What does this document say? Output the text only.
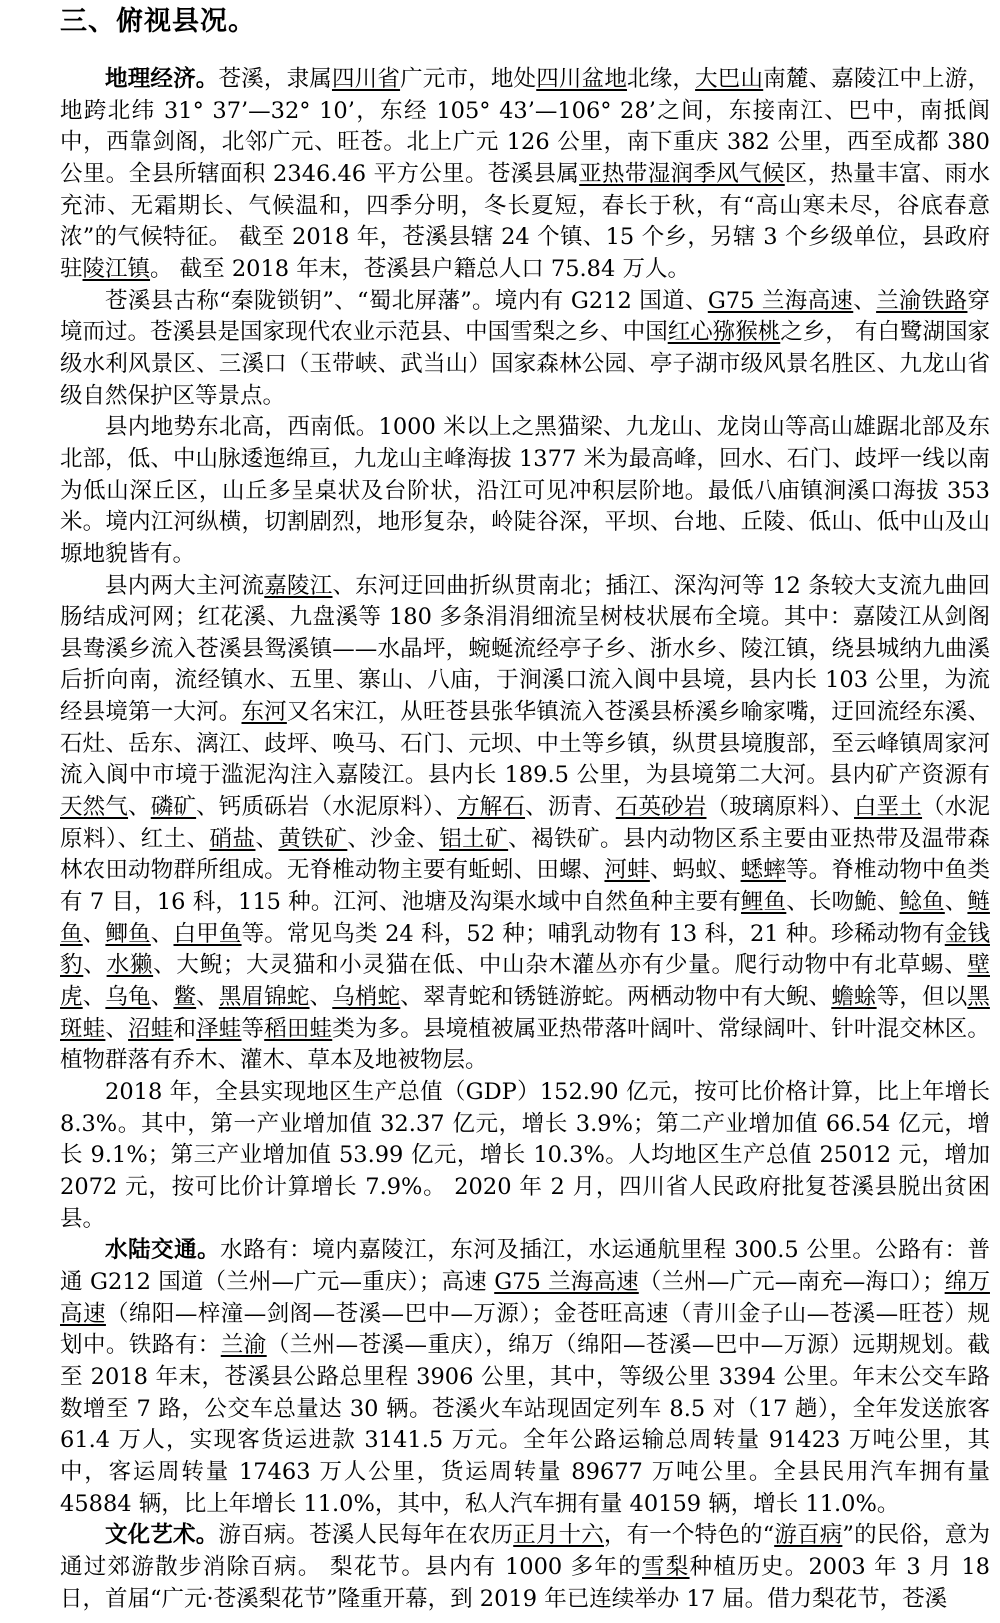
三、俯视县况。

地理经济。苍溪，隶属四川省广元市，地处四川盆地北缘，大巴山南麓、嘉陵江中上游，地跨北纬 31° 37’—32° 10’，东经 105° 43’—106° 28’之间，东接南江、巴中，南抵阆中，西靠剑阁，北邻广元、旺苍。北上广元 126 公里，南下重庆 382 公里，西至成都 380 公里。全县所辖面积 2346.46 平方公里。苍溪县属亚热带湿润季风气候区，热量丰富、雨水充沛、无霜期长、气候温和，四季分明，冬长夏短，春长于秋，有“高山寒未尽，谷底春意浓”的气候特征。 截至 2018 年，苍溪县辖 24 个镇、15 个乡，另辖 3 个乡级单位，县政府驻陵江镇。 截至 2018 年末，苍溪县户籍总人口 75.84 万人。

苍溪县古称“秦陇锁钥”、“蜀北屏藩”。境内有 G212 国道、G75 兰海高速、兰渝铁路穿境而过。苍溪县是国家现代农业示范县、中国雪梨之乡、中国红心猕猴桃之乡， 有白鹭湖国家级水利风景区、三溪口（玉带峡、武当山）国家森林公园、亭子湖市级风景名胜区、九龙山省级自然保护区等景点。

县内地势东北高，西南低。1000 米以上之黑猫梁、九龙山、龙岗山等高山雄踞北部及东北部，低、中山脉逶迤绵亘，九龙山主峰海拔 1377 米为最高峰，回水、石门、歧坪一线以南为低山深丘区，山丘多呈桌状及台阶状，沿江可见冲积层阶地。最低八庙镇涧溪口海拔 353 米。境内江河纵横，切割剧烈，地形复杂，岭陡谷深，平坝、台地、丘陵、低山、低中山及山塬地貌皆有。

县内两大主河流嘉陵江、东河迂回曲折纵贯南北；插江、深沟河等 12 条较大支流九曲回肠结成河网；红花溪、九盘溪等 180 多条涓涓细流呈树枝状展布全境。其中：嘉陵江从剑阁县鸯溪乡流入苍溪县鸳溪镇——水晶坪，蜿蜒流经亭子乡、浙水乡、陵江镇，绕县城纳九曲溪后折向南，流经镇水、五里、寨山、八庙，于涧溪口流入阆中县境，县内长 103 公里，为流经县境第一大河。东河又名宋江，从旺苍县张华镇流入苍溪县桥溪乡喻家嘴，迂回流经东溪、石灶、岳东、漓江、歧坪、唤马、石门、元坝、中土等乡镇，纵贯县境腹部，至云峰镇周家河流入阆中市境于滥泥沟注入嘉陵江。县内长 189.5 公里，为县境第二大河。县内矿产资源有天然气、磷矿、钙质砾岩（水泥原料）、方解石、沥青、石英砂岩（玻璃原料）、白垩土（水泥原料）、红土、硝盐、黄铁矿、沙金、铝土矿、褐铁矿。县内动物区系主要由亚热带及温带森林农田动物群所组成。无脊椎动物主要有蚯蚓、田螺、河蚌、蚂蚁、蟋蟀等。脊椎动物中鱼类有 7 目，16 科，115 种。江河、池塘及沟渠水域中自然鱼种主要有鲤鱼、长吻鮠、鲶鱼、鲢鱼、鲫鱼、白甲鱼等。常见鸟类 24 科，52 种；哺乳动物有 13 科，21 种。珍稀动物有金钱豹、水獭、大鲵；大灵猫和小灵猫在低、中山杂木灌丛亦有少量。爬行动物中有北草蜴、壁虎、乌龟、鳖、黑眉锦蛇、乌梢蛇、翠青蛇和锈链游蛇。两栖动物中有大鲵、蟾蜍等，但以黑斑蛙、沼蛙和泽蛙等稻田蛙类为多。县境植被属亚热带落叶阔叶、常绿阔叶、针叶混交林区。植物群落有乔木、灌木、草本及地被物层。

2018 年，全县实现地区生产总值（GDP）152.90 亿元，按可比价格计算，比上年增长 8.3%。其中，第一产业增加值 32.37 亿元，增长 3.9%；第二产业增加值 66.54 亿元，增长 9.1%；第三产业增加值 53.99 亿元，增长 10.3%。人均地区生产总值 25012 元，增加 2072 元，按可比价计算增长 7.9%。 2020 年 2 月，四川省人民政府批复苍溪县脱出贫困县。

水陆交通。水路有：境内嘉陵江，东河及插江，水运通航里程 300.5 公里。公路有：普通 G212 国道（兰州—广元—重庆）；高速 G75 兰海高速（兰州—广元—南充—海口）；绵万高速（绵阳—梓潼—剑阁—苍溪—巴中—万源）；金苍旺高速（青川金子山—苍溪—旺苍）规划中。铁路有：兰渝（兰州—苍溪—重庆），绵万（绵阳—苍溪—巴中—万源）远期规划。截至 2018 年末，苍溪县公路总里程 3906 公里，其中，等级公里 3394 公里。年末公交车路数增至 7 路，公交车总量达 30 辆。苍溪火车站现固定列车 8.5 对（17 趟），全年发送旅客 61.4 万人，实现客货运进款 3141.5 万元。全年公路运输总周转量 91423 万吨公里，其中，客运周转量 17463 万人公里，货运周转量 89677 万吨公里。全县民用汽车拥有量 45884 辆，比上年增长 11.0%，其中，私人汽车拥有量 40159 辆，增长 11.0%。

文化艺术。游百病。苍溪人民每年在农历正月十六，有一个特色的“游百病”的民俗，意为通过郊游散步消除百病。 梨花节。县内有 1000 多年的雪梨种植历史。2003 年 3 月 18 日，首届“广元·苍溪梨花节”隆重开幕，到 2019 年已连续举办 17 届。借力梨花节，苍溪
